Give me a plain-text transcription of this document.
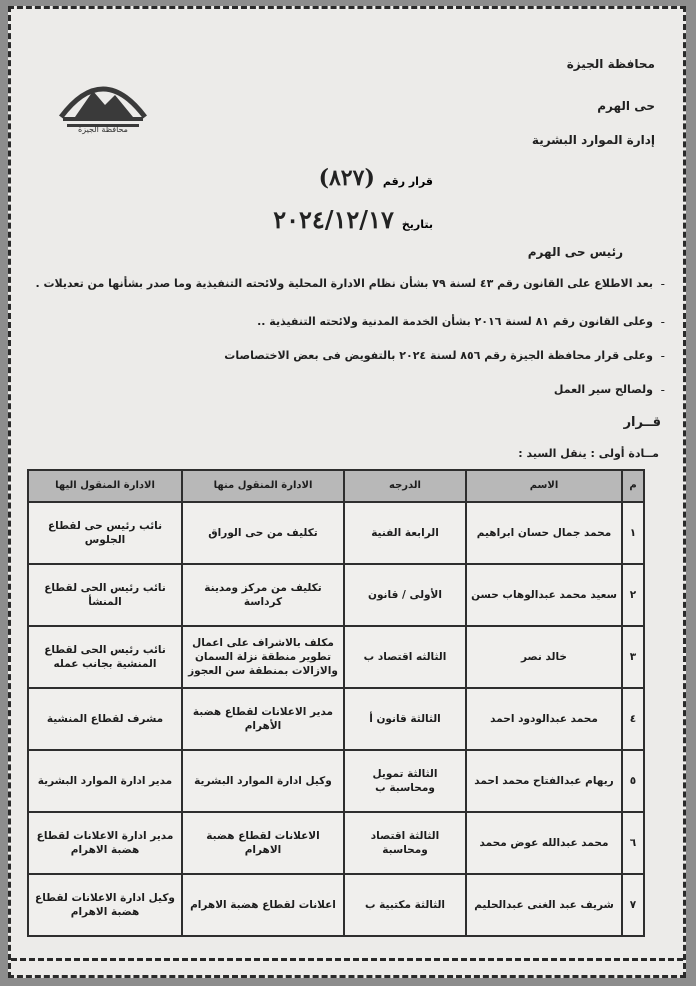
محافظة الجيزة
حى الهرم
إدارة الموارد البشرية
محافظة الجيزة
قرار رقم
(٨٢٧)
بتاريخ
٢٠٢٤/١٢/١٧
رئيس حى الهرم
-
بعد الاطلاع على القانون رقم ٤٣ لسنة ٧٩ بشأن نظام الادارة المحلية ولائحته التنفيذية وما صدر بشأنها من تعديلات .
-
وعلى القانون رقم ٨١ لسنة ٢٠١٦ بشأن الخدمة المدنية ولائحته التنفيذية ..
-
وعلى قرار محافظة الجيزة رقم ٨٥٦ لسنة ٢٠٢٤ بالتفويض فى بعض الاختصاصات
-
ولصالح سير العمل
قــرار
مــادة أولى : ينقل السيد :
م	الاسم	الدرجه	الادارة المنقول منها	الادارة المنقول اليها
١	محمد جمال حسان ابراهيم	الرابعة الفنية	تكليف من حى الوراق	نائب رئيس حى لقطاع الجلوس
٢	سعيد محمد عبدالوهاب حسن	الأولى / قانون	تكليف من مركز ومدينة كرداسة	نائب رئيس الحى لقطاع المنشأ
٣	خالد نصر	الثالثه اقتصاد ب	مكلف بالاشراف على اعمال تطوير منطقة نزلة السمان والازالات بمنطقة سن العجوز	نائب رئيس الحى لقطاع المنشية بجانب عمله
٤	محمد عبدالودود احمد	الثالثة قانون أ	مدير الاعلانات لقطاع هضبة الأهرام	مشرف لقطاع المنشية
٥	ريهام عبدالفتاح محمد احمد	الثالثة تمويل ومحاسبة ب	وكيل ادارة الموارد البشرية	مدير ادارة الموارد البشرية
٦	محمد عبدالله عوض محمد	الثالثة اقتصاد ومحاسبة	الاعلانات لقطاع هضبة الاهرام	مدير ادارة الاعلانات لقطاع هضبة الاهرام
٧	شريف عبد الغنى عبدالحليم	الثالثة مكتبية ب	اعلانات لقطاع هضبة الاهرام	وكيل ادارة الاعلانات لقطاع هضبة الاهرام
